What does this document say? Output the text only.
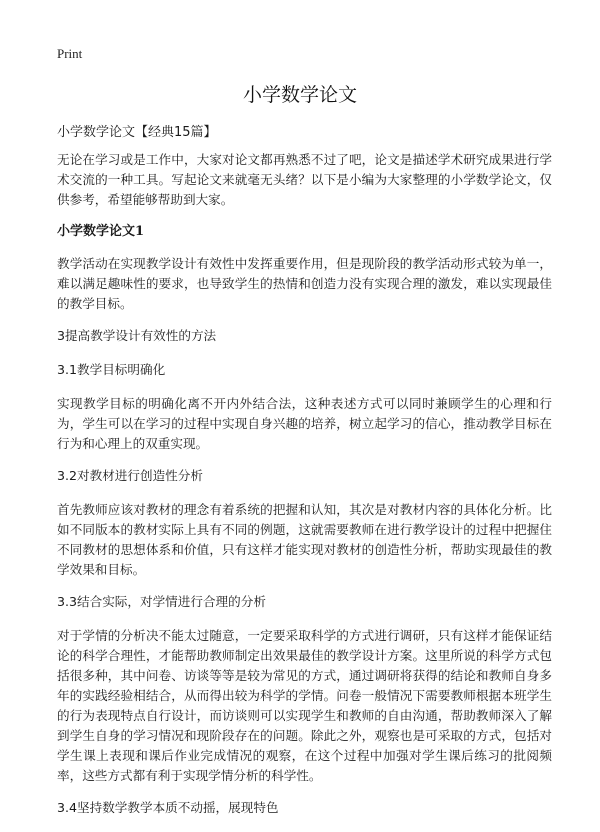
Print
小学数学论文
小学数学论文【经典15篇】

无论在学习或是工作中，大家对论文都再熟悉不过了吧，论文是描述学术研究成果进行学术交流的一种工具。写起论文来就毫无头绪？以下是小编为大家整理的小学数学论文，仅供参考，希望能够帮助到大家。

小学数学论文1

教学活动在实现教学设计有效性中发挥重要作用，但是现阶段的教学活动形式较为单一，难以满足趣味性的要求，也导致学生的热情和创造力没有实现合理的激发，难以实现最佳的教学目标。

3提高教学设计有效性的方法

3.1教学目标明确化

实现教学目标的明确化离不开内外结合法，这种表述方式可以同时兼顾学生的心理和行为，学生可以在学习的过程中实现自身兴趣的培养，树立起学习的信心，推动教学目标在行为和心理上的双重实现。

3.2对教材进行创造性分析

首先教师应该对教材的理念有着系统的把握和认知，其次是对教材内容的具体化分析。比如不同版本的教材实际上具有不同的例题，这就需要教师在进行教学设计的过程中把握住不同教材的思想体系和价值，只有这样才能实现对教材的创造性分析，帮助实现最佳的教学效果和目标。

3.3结合实际，对学情进行合理的分析

对于学情的分析决不能太过随意，一定要采取科学的方式进行调研，只有这样才能保证结论的科学合理性，才能帮助教师制定出效果最佳的教学设计方案。这里所说的科学方式包括很多种，其中问卷、访谈等等是较为常见的方式，通过调研将获得的结论和教师自身多年的实践经验相结合，从而得出较为科学的学情。问卷一般情况下需要教师根据本班学生的行为表现特点自行设计，而访谈则可以实现学生和教师的自由沟通，帮助教师深入了解到学生自身的学习情况和现阶段存在的问题。除此之外，观察也是可采取的方式，包括对学生课上表现和课后作业完成情况的观察，在这个过程中加强对学生课后练习的批阅频率，这些方式都有利于实现学情分析的科学性。

3.4坚持数学教学本质不动摇，展现特色
